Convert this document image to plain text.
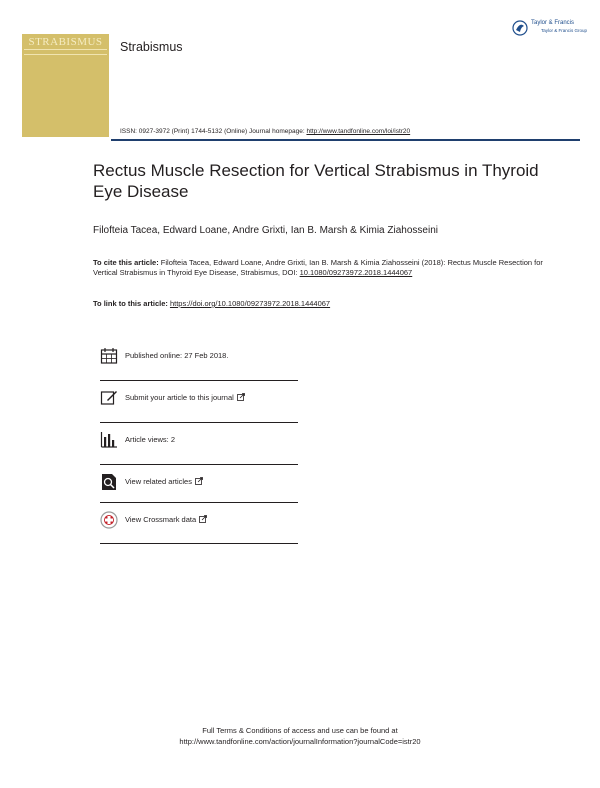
STRABISMUS	Strabismus
Taylor & Francis
Taylor & Francis Group
ISSN: 0927-3972 (Print) 1744-5132 (Online) Journal homepage: http://www.tandfonline.com/loi/istr20
Rectus Muscle Resection for Vertical Strabismus in Thyroid Eye Disease
Filofteia Tacea, Edward Loane, Andre Grixti, Ian B. Marsh & Kimia Ziahosseini
To cite this article: Filofteia Tacea, Edward Loane, Andre Grixti, Ian B. Marsh & Kimia Ziahosseini (2018): Rectus Muscle Resection for Vertical Strabismus in Thyroid Eye Disease, Strabismus, DOI: 10.1080/09273972.2018.1444067
To link to this article: https://doi.org/10.1080/09273972.2018.1444067
Published online: 27 Feb 2018.
Submit your article to this journal
Article views: 2
View related articles
View Crossmark data
Full Terms & Conditions of access and use can be found at
http://www.tandfonline.com/action/journalInformation?journalCode=istr20
